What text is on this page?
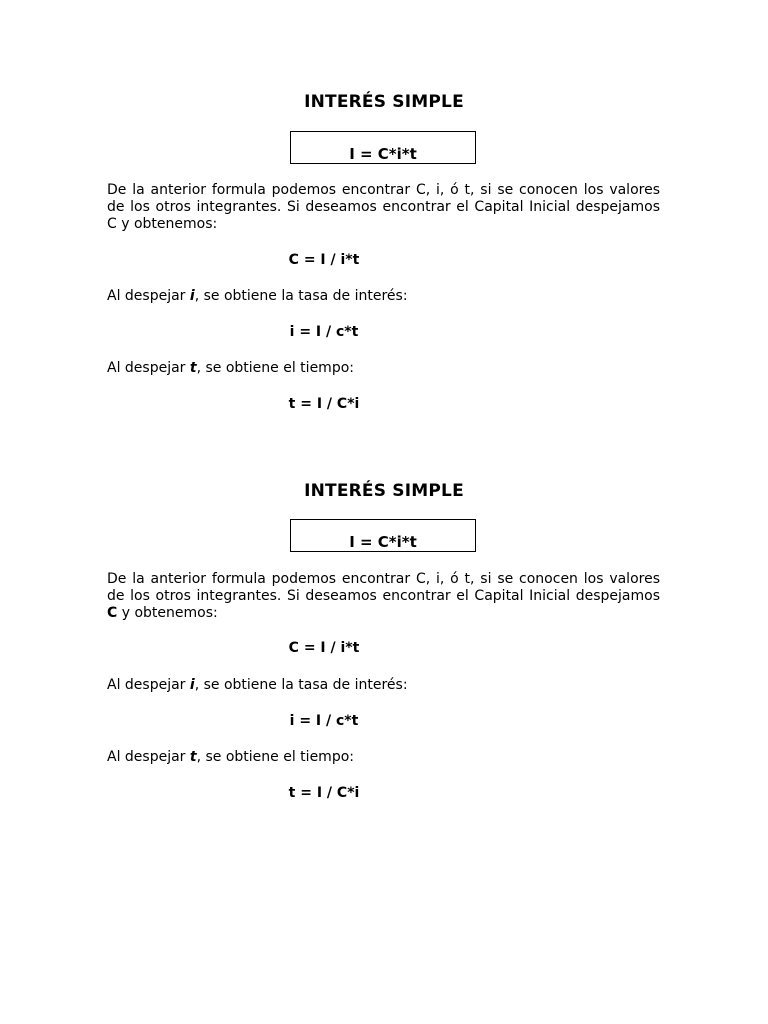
INTERÉS SIMPLE
I = C*i*t
De la anterior formula podemos encontrar C, i, ó t, si se conocen los valores de los otros integrantes. Si deseamos encontrar el Capital Inicial despejamos C y obtenemos:
C = I / i*t
Al despejar i, se obtiene la tasa de interés:
i = I / c*t
Al despejar t, se obtiene el tiempo:
t = I / C*i
INTERÉS SIMPLE
I = C*i*t
De la anterior formula podemos encontrar C, i, ó t, si se conocen los valores de los otros integrantes. Si deseamos encontrar el Capital Inicial despejamos C y obtenemos:
C = I / i*t
Al despejar i, se obtiene la tasa de interés:
i = I / c*t
Al despejar t, se obtiene el tiempo:
t = I / C*i
